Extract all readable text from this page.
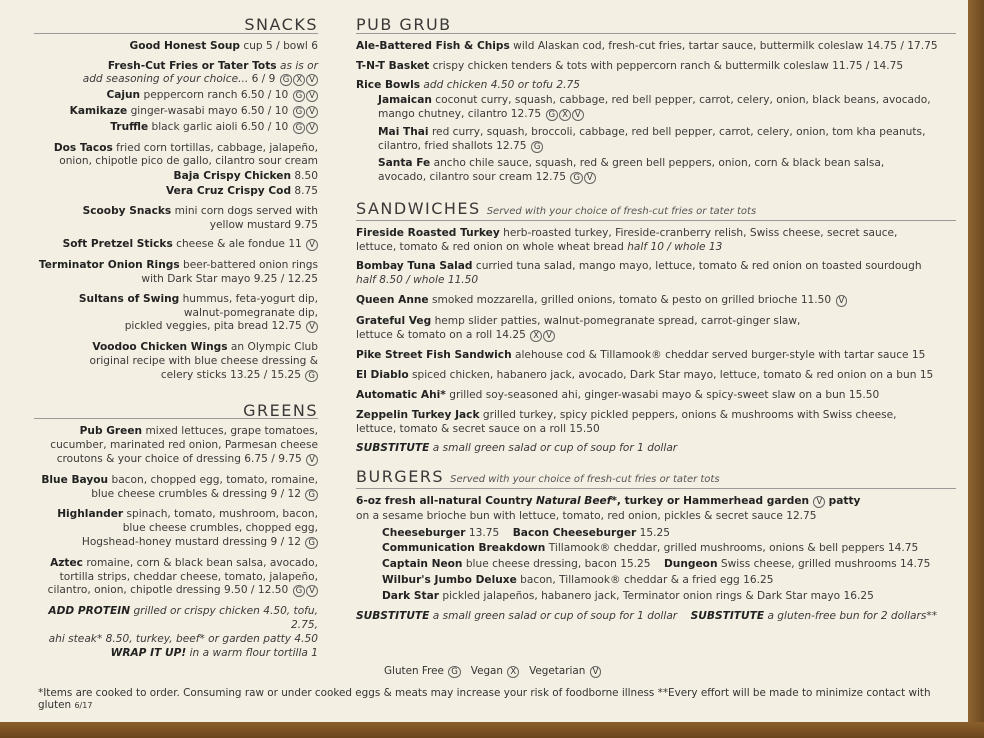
SNACKS
Good Honest Soup cup 5 / bowl 6
Fresh-Cut Fries or Tater Tots as is or
add seasoning of your choice... 6 / 9 G X V
Cajun peppercorn ranch 6.50 / 10 G V
Kamikaze ginger-wasabi mayo 6.50 / 10 G V
Truffle black garlic aioli 6.50 / 10 G V
Dos Tacos fried corn tortillas, cabbage, jalapeño,
onion, chipotle pico de gallo, cilantro sour cream
Baja Crispy Chicken 8.50
Vera Cruz Crispy Cod 8.75
Scooby Snacks mini corn dogs served with
yellow mustard 9.75
Soft Pretzel Sticks cheese & ale fondue 11 V
Terminator Onion Rings beer-battered onion rings
with Dark Star mayo 9.25 / 12.25
Sultans of Swing hummus, feta-yogurt dip,
walnut-pomegranate dip,
pickled veggies, pita bread 12.75 V
Voodoo Chicken Wings an Olympic Club
original recipe with blue cheese dressing &
celery sticks 13.25 / 15.25 G
GREENS
Pub Green mixed lettuces, grape tomatoes,
cucumber, marinated red onion, Parmesan cheese
croutons & your choice of dressing 6.75 / 9.75 V
Blue Bayou bacon, chopped egg, tomato, romaine,
blue cheese crumbles & dressing 9 / 12 G
Highlander spinach, tomato, mushroom, bacon,
blue cheese crumbles, chopped egg,
Hogshead-honey mustard dressing 9 / 12 G
Aztec romaine, corn & black bean salsa, avocado,
tortilla strips, cheddar cheese, tomato, jalapeño,
cilantro, onion, chipotle dressing 9.50 / 12.50 G V
ADD PROTEIN grilled or crispy chicken 4.50, tofu, 2.75,
ahi steak* 8.50, turkey, beef* or garden patty 4.50
WRAP IT UP! in a warm flour tortilla 1
PUB GRUB
Ale-Battered Fish & Chips wild Alaskan cod, fresh-cut fries, tartar sauce, buttermilk coleslaw 14.75 / 17.75
T-N-T Basket crispy chicken tenders & tots with peppercorn ranch & buttermilk coleslaw 11.75 / 14.75
Rice Bowls add chicken 4.50 or tofu 2.75
Jamaican coconut curry, squash, cabbage, red bell pepper, carrot, celery, onion, black beans, avocado,
mango chutney, cilantro 12.75 G X V
Mai Thai red curry, squash, broccoli, cabbage, red bell pepper, carrot, celery, onion, tom kha peanuts,
cilantro, fried shallots 12.75 G
Santa Fe ancho chile sauce, squash, red & green bell peppers, onion, corn & black bean salsa,
avocado, cilantro sour cream 12.75 G V
SANDWICHES Served with your choice of fresh-cut fries or tater tots
Fireside Roasted Turkey herb-roasted turkey, Fireside-cranberry relish, Swiss cheese, secret sauce,
lettuce, tomato & red onion on whole wheat bread half 10 / whole 13
Bombay Tuna Salad curried tuna salad, mango mayo, lettuce, tomato & red onion on toasted sourdough
half 8.50 / whole 11.50
Queen Anne smoked mozzarella, grilled onions, tomato & pesto on grilled brioche 11.50 V
Grateful Veg hemp slider patties, walnut-pomegranate spread, carrot-ginger slaw,
lettuce & tomato on a roll 14.25 X V
Pike Street Fish Sandwich alehouse cod & Tillamook® cheddar served burger-style with tartar sauce 15
El Diablo spiced chicken, habanero jack, avocado, Dark Star mayo, lettuce, tomato & red onion on a bun 15
Automatic Ahi* grilled soy-seasoned ahi, ginger-wasabi mayo & spicy-sweet slaw on a bun 15.50
Zeppelin Turkey Jack grilled turkey, spicy pickled peppers, onions & mushrooms with Swiss cheese,
lettuce, tomato & secret sauce on a roll 15.50
SUBSTITUTE a small green salad or cup of soup for 1 dollar
BURGERS Served with your choice of fresh-cut fries or tater tots
6-oz fresh all-natural Country Natural Beef*, turkey or Hammerhead garden V patty
on a sesame brioche bun with lettuce, tomato, red onion, pickles & secret sauce 12.75
Cheeseburger 13.75 Bacon Cheeseburger 15.25
Communication Breakdown Tillamook® cheddar, grilled mushrooms, onions & bell peppers 14.75
Captain Neon blue cheese dressing, bacon 15.25 Dungeon Swiss cheese, grilled mushrooms 14.75
Wilbur's Jumbo Deluxe bacon, Tillamook® cheddar & a fried egg 16.25
Dark Star pickled jalapeños, habanero jack, Terminator onion rings & Dark Star mayo 16.25
SUBSTITUTE a small green salad or cup of soup for 1 dollar SUBSTITUTE a gluten-free bun for 2 dollars**
Gluten Free G Vegan X Vegetarian V
*Items are cooked to order. Consuming raw or under cooked eggs & meats may increase your risk of foodborne illness **Every effort will be made to minimize contact with gluten 6/17
